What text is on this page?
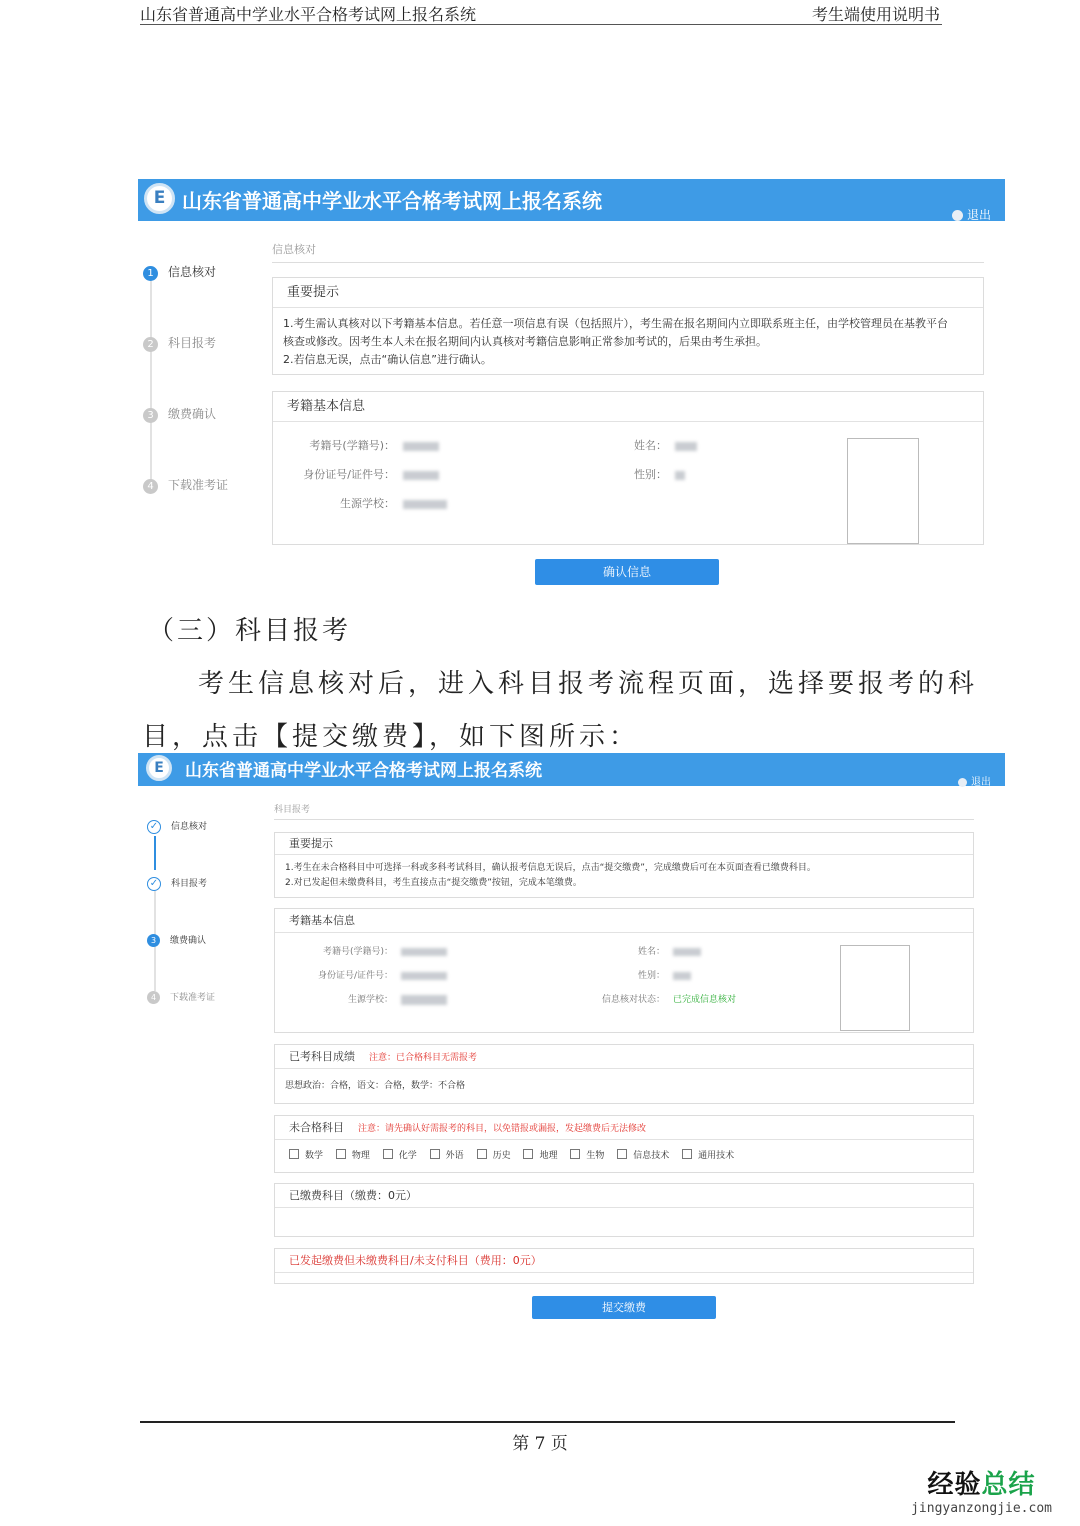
山东省普通高中学业水平合格考试网上报名系统	考生端使用说明书
E 山东省普通高中学业水平合格考试网上报名系统
退出
1 信息核对
2 科目报考
3 缴费确认
4 下载准考证
信息核对
重要提示
1.考生需认真核对以下考籍基本信息。若任意一项信息有误（包括照片），考生需在报名期间内立即联系班主任，由学校管理员在基教平台
核查或修改。因考生本人未在报名期间内认真核对考籍信息影响正常参加考试的，后果由考生承担。
2.若信息无误，点击“确认信息”进行确认。
考籍基本信息
考籍号(学籍号)：
身份证号/证件号：
生源学校：
姓名：
性别：
确认信息
（三）科目报考
考生信息核对后，进入科目报考流程页面，选择要报考的科
目，点击【提交缴费】，如下图所示：
E	山东省普通高中学业水平合格考试网上报名系统
退出
✓ 信息核对
✓ 科目报考
3 缴费确认
4 下载准考证
科目报考
重要提示
1.考生在未合格科目中可选择一科或多科考试科目，确认报考信息无误后，点击“提交缴费”，完成缴费后可在本页面查看已缴费科目。
2.对已发起但未缴费科目，考生直接点击“提交缴费”按钮，完成本笔缴费。
考籍基本信息
考籍号(学籍号)：
身份证号/证件号：
生源学校：
姓名：
性别：
信息核对状态： 已完成信息核对
已考科目成绩 注意：已合格科目无需报考
思想政治：合格，语文：合格，数学：不合格
未合格科目 注意：请先确认好需报考的科目，以免错报或漏报，发起缴费后无法修改
数学	物理	化学	外语	历史	地理	生物	信息技术	通用技术
已缴费科目（缴费：0元）
已发起缴费但未缴费科目/未支付科目（费用：0元）
提交缴费
第 7 页
经验总结
jingyanzongjie.com
